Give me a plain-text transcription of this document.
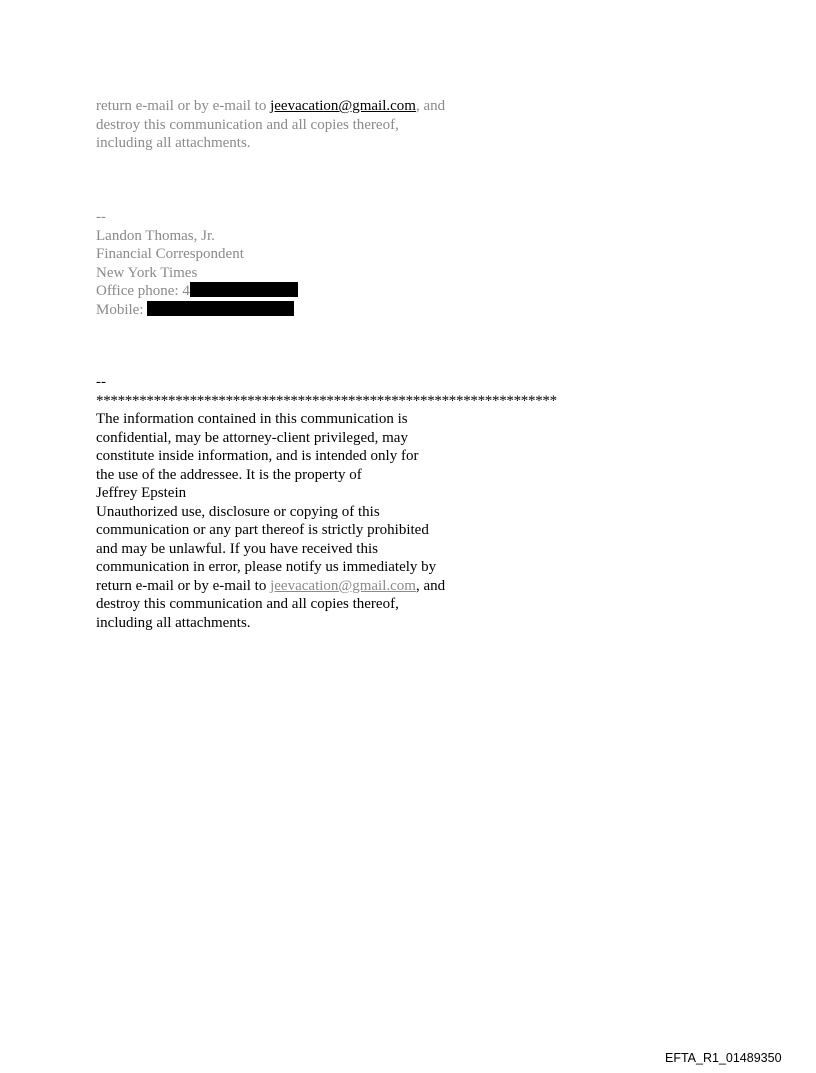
return e-mail or by e-mail to jeevacation@gmail.com, and
destroy this communication and all copies thereof,
including all attachments.
--
Landon Thomas, Jr.
Financial Correspondent
New York Times
Office phone: 4
Mobile:
--
****************************************************************
The information contained in this communication is
confidential, may be attorney-client privileged, may
constitute inside information, and is intended only for
the use of the addressee. It is the property of
Jeffrey Epstein
Unauthorized use, disclosure or copying of this
communication or any part thereof is strictly prohibited
and may be unlawful. If you have received this
communication in error, please notify us immediately by
return e-mail or by e-mail to jeevacation@gmail.com, and
destroy this communication and all copies thereof,
including all attachments.
EFTA_R1_01489350
